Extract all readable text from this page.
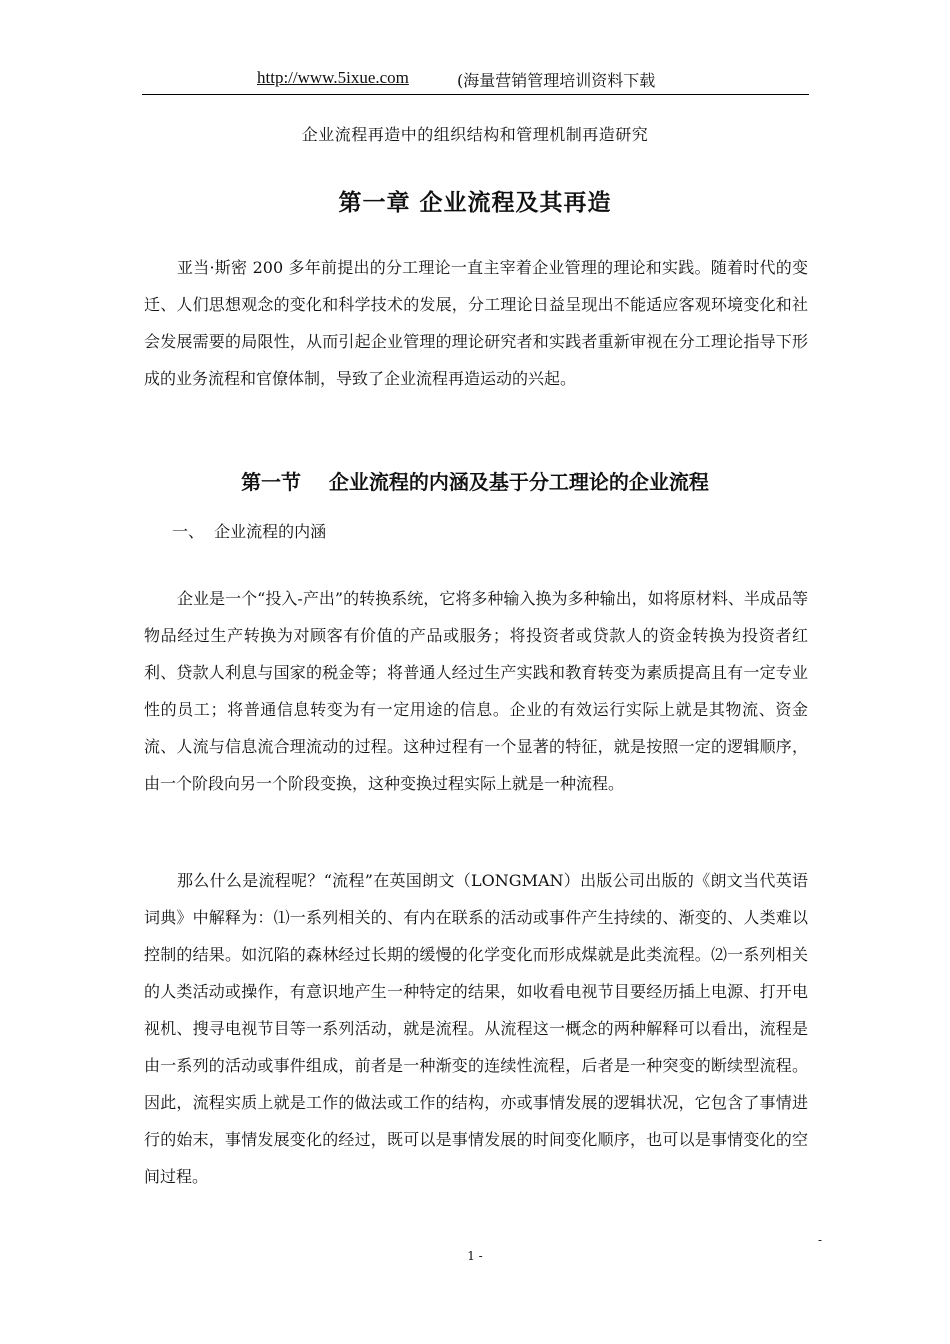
http://www.5ixue.com	(海量营销管理培训资料下载
企业流程再造中的组织结构和管理机制再造研究
第一章 企业流程及其再造

亚当·斯密 200 多年前提出的分工理论一直主宰着企业管理的理论和实践。随着时代的变迁、人们思想观念的变化和科学技术的发展，分工理论日益呈现出不能适应客观环境变化和社会发展需要的局限性，从而引起企业管理的理论研究者和实践者重新审视在分工理论指导下形成的业务流程和官僚体制，导致了企业流程再造运动的兴起。

第一节    企业流程的内涵及基于分工理论的企业流程
一、  企业流程的内涵

企业是一个“投入-产出”的转换系统，它将多种输入换为多种输出，如将原材料、半成品等物品经过生产转换为对顾客有价值的产品或服务；将投资者或贷款人的资金转换为投资者红利、贷款人利息与国家的税金等；将普通人经过生产实践和教育转变为素质提高且有一定专业性的员工；将普通信息转变为有一定用途的信息。企业的有效运行实际上就是其物流、资金流、人流与信息流合理流动的过程。这种过程有一个显著的特征，就是按照一定的逻辑顺序，由一个阶段向另一个阶段变换，这种变换过程实际上就是一种流程。

那么什么是流程呢？“流程”在英国朗文（LONGMAN）出版公司出版的《朗文当代英语词典》中解释为：⑴一系列相关的、有内在联系的活动或事件产生持续的、渐变的、人类难以控制的结果。如沉陷的森林经过长期的缓慢的化学变化而形成煤就是此类流程。⑵一系列相关的人类活动或操作，有意识地产生一种特定的结果，如收看电视节目要经历插上电源、打开电视机、搜寻电视节目等一系列活动，就是流程。从流程这一概念的两种解释可以看出，流程是由一系列的活动或事件组成，前者是一种渐变的连续性流程，后者是一种突变的断续型流程。因此，流程实质上就是工作的做法或工作的结构，亦或事情发展的逻辑状况，它包含了事情进行的始末，事情发展变化的经过，既可以是事情发展的时间变化顺序，也可以是事情变化的空间过程。

-
1 -
